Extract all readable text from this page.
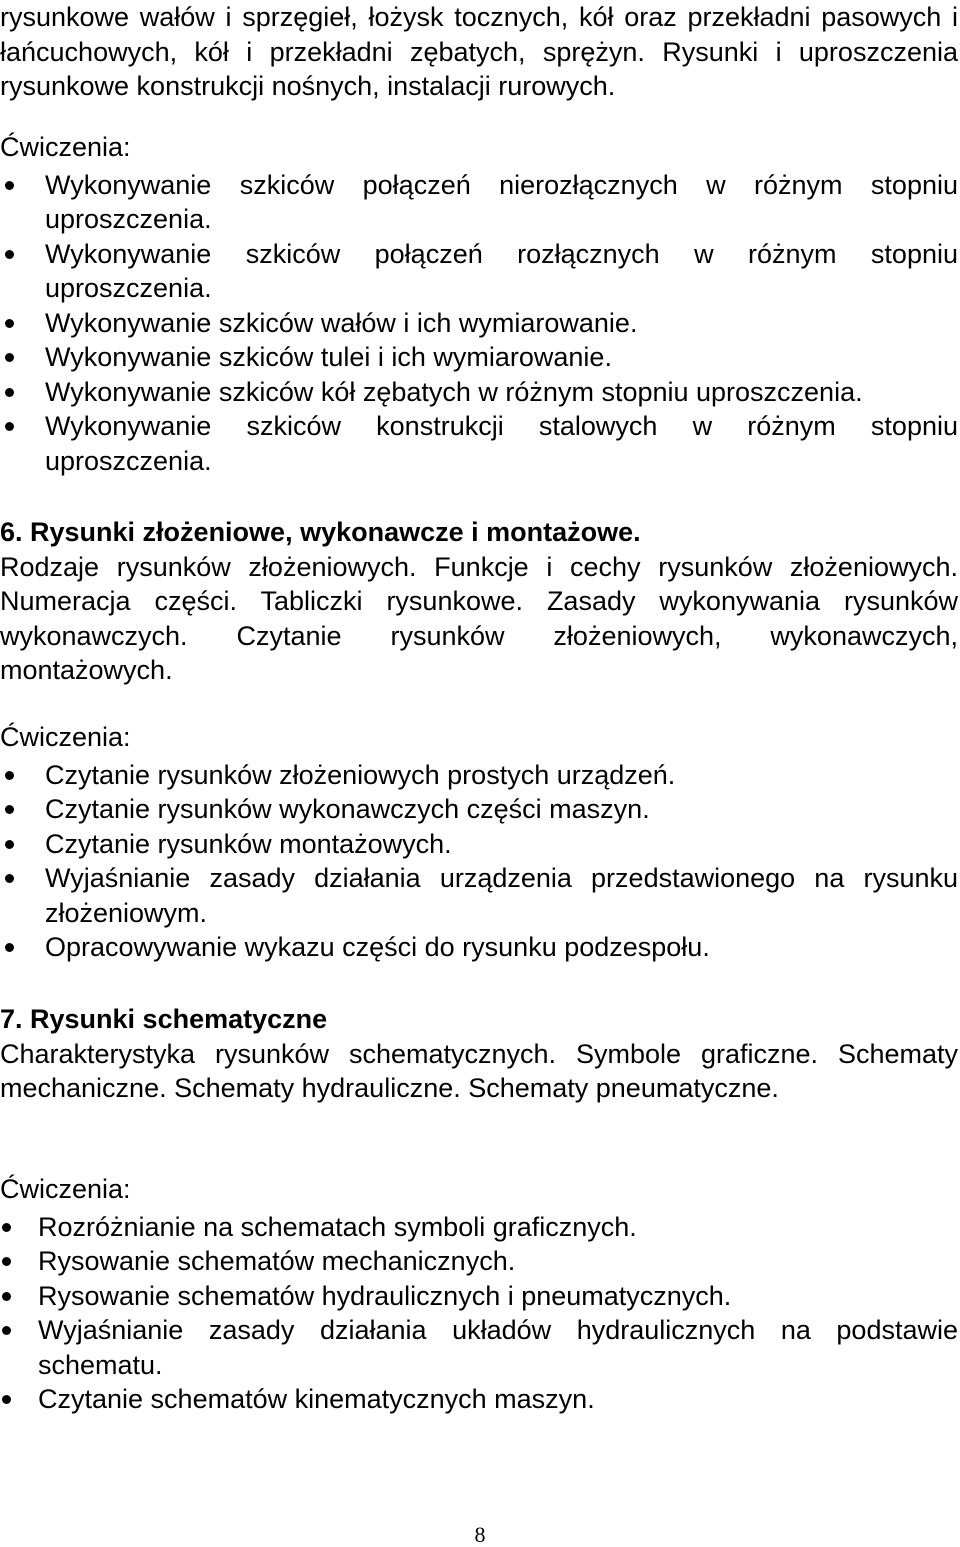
rysunkowe wałów i sprzęgieł, łożysk tocznych, kół oraz przekładni pasowych i łańcuchowych, kół i przekładni zębatych, sprężyn. Rysunki i uproszczenia rysunkowe konstrukcji nośnych, instalacji rurowych.

Ćwiczenia:

Wykonywanie szkiców połączeń nierozłącznych w różnym stopniu uproszczenia.

Wykonywanie szkiców połączeń rozłącznych w różnym stopniu uproszczenia.

Wykonywanie szkiców wałów i ich wymiarowanie.

Wykonywanie szkiców tulei i ich wymiarowanie.

Wykonywanie szkiców kół zębatych w różnym stopniu uproszczenia.

Wykonywanie szkiców konstrukcji stalowych w różnym stopniu uproszczenia.

6. Rysunki złożeniowe, wykonawcze i montażowe.

Rodzaje rysunków złożeniowych. Funkcje i cechy rysunków złożeniowych. Numeracja części. Tabliczki rysunkowe. Zasady wykonywania rysunków wykonawczych. Czytanie rysunków złożeniowych, wykonawczych, montażowych.

Ćwiczenia:

Czytanie rysunków złożeniowych prostych urządzeń.

Czytanie rysunków wykonawczych części maszyn.

Czytanie rysunków montażowych.

Wyjaśnianie zasady działania urządzenia przedstawionego na rysunku złożeniowym.

Opracowywanie wykazu części do rysunku podzespołu.

7. Rysunki schematyczne

Charakterystyka rysunków schematycznych. Symbole graficzne. Schematy mechaniczne. Schematy hydrauliczne. Schematy pneumatyczne.

Ćwiczenia:

Rozróżnianie na schematach symboli graficznych.

Rysowanie schematów mechanicznych.

Rysowanie schematów hydraulicznych i pneumatycznych.

Wyjaśnianie zasady działania układów hydraulicznych na podstawie schematu.

Czytanie schematów kinematycznych maszyn.

8
